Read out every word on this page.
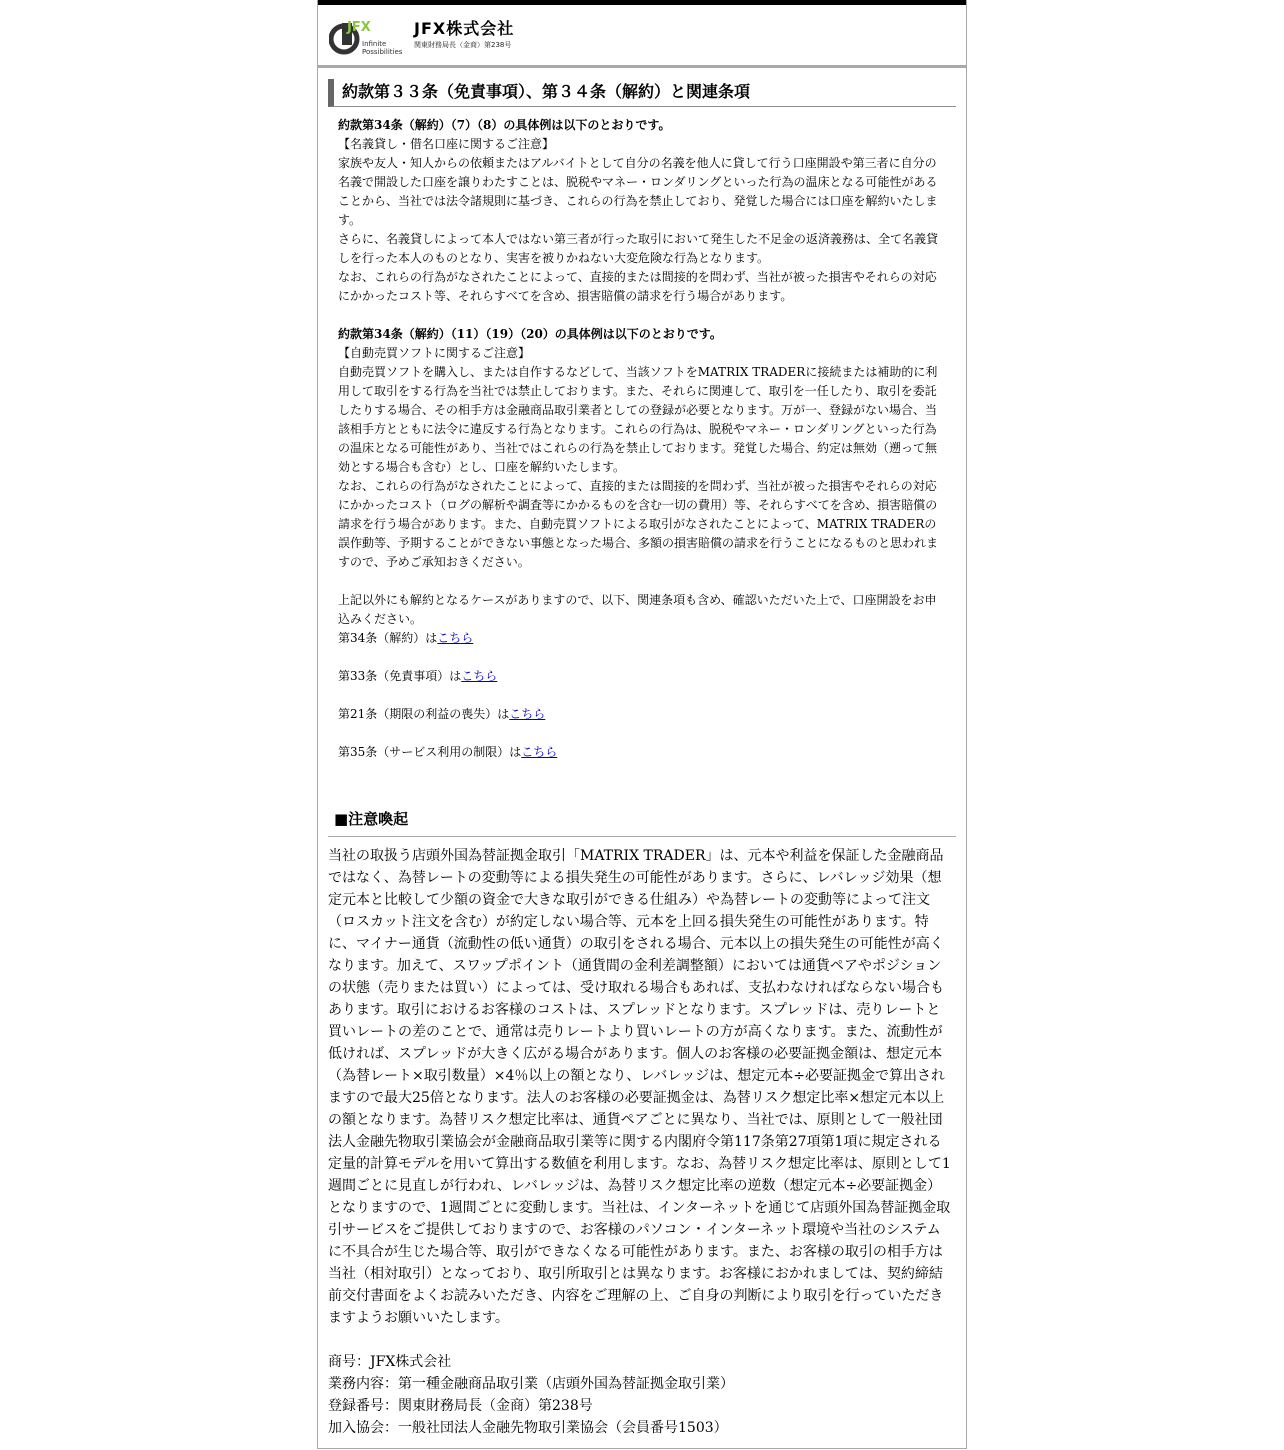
JFX
Infinite
Possibilities
JFX株式会社
関東財務局長（金商）第238号
約款第３３条（免責事項）、第３４条（解約）と関連条項

約款第34条（解約）（7）（8）の具体例は以下のとおりです。

【名義貸し・借名口座に関するご注意】

家族や友人・知人からの依頼またはアルバイトとして自分の名義を他人に貸して行う口座開設や第三者に自分の名義で開設した口座を譲りわたすことは、脱税やマネー・ロンダリングといった行為の温床となる可能性があることから、当社では法令諸規則に基づき、これらの行為を禁止しており、発覚した場合には口座を解約いたします。

さらに、名義貸しによって本人ではない第三者が行った取引において発生した不足金の返済義務は、全て名義貸しを行った本人のものとなり、実害を被りかねない大変危険な行為となります。

なお、これらの行為がなされたことによって、直接的または間接的を問わず、当社が被った損害やそれらの対応にかかったコスト等、それらすべてを含め、損害賠償の請求を行う場合があります。

約款第34条（解約）（11）（19）（20）の具体例は以下のとおりです。

【自動売買ソフトに関するご注意】

自動売買ソフトを購入し、または自作するなどして、当該ソフトをMATRIX TRADERに接続または補助的に利用して取引をする行為を当社では禁止しております。また、それらに関連して、取引を一任したり、取引を委託したりする場合、その相手方は金融商品取引業者としての登録が必要となります。万が一、登録がない場合、当該相手方とともに法令に違反する行為となります。これらの行為は、脱税やマネー・ロンダリングといった行為の温床となる可能性があり、当社ではこれらの行為を禁止しております。発覚した場合、約定は無効（遡って無効とする場合も含む）とし、口座を解約いたします。

なお、これらの行為がなされたことによって、直接的または間接的を問わず、当社が被った損害やそれらの対応にかかったコスト（ログの解析や調査等にかかるものを含む一切の費用）等、それらすべてを含め、損害賠償の請求を行う場合があります。また、自動売買ソフトによる取引がなされたことによって、MATRIX TRADERの誤作動等、予期することができない事態となった場合、多額の損害賠償の請求を行うことになるものと思われますので、予めご承知おきください。

上記以外にも解約となるケースがありますので、以下、関連条項も含め、確認いただいた上で、口座開設をお申込みください。

第34条（解約）はこちら

第33条（免責事項）はこちら

第21条（期限の利益の喪失）はこちら

第35条（サービス利用の制限）はこちら

■注意喚起

当社の取扱う店頭外国為替証拠金取引「MATRIX TRADER」は、元本や利益を保証した金融商品ではなく、為替レートの変動等による損失発生の可能性があります。さらに、レバレッジ効果（想定元本と比較して少額の資金で大きな取引ができる仕組み）や為替レートの変動等によって注文（ロスカット注文を含む）が約定しない場合等、元本を上回る損失発生の可能性があります。特に、マイナー通貨（流動性の低い通貨）の取引をされる場合、元本以上の損失発生の可能性が高くなります。加えて、スワップポイント（通貨間の金利差調整額）においては通貨ペアやポジションの状態（売りまたは買い）によっては、受け取れる場合もあれば、支払わなければならない場合もあります。取引におけるお客様のコストは、スプレッドとなります。スプレッドは、売りレートと買いレートの差のことで、通常は売りレートより買いレートの方が高くなります。また、流動性が低ければ、スプレッドが大きく広がる場合があります。個人のお客様の必要証拠金額は、想定元本（為替レート×取引数量）×4％以上の額となり、レバレッジは、想定元本÷必要証拠金で算出されますので最大25倍となります。法人のお客様の必要証拠金は、為替リスク想定比率×想定元本以上の額となります。為替リスク想定比率は、通貨ペアごとに異なり、当社では、原則として一般社団法人金融先物取引業協会が金融商品取引業等に関する内閣府令第117条第27項第1項に規定される定量的計算モデルを用いて算出する数値を利用します。なお、為替リスク想定比率は、原則として1週間ごとに見直しが行われ、レバレッジは、為替リスク想定比率の逆数（想定元本÷必要証拠金）となりますので、1週間ごとに変動します。当社は、インターネットを通じて店頭外国為替証拠金取引サービスをご提供しておりますので、お客様のパソコン・インターネット環境や当社のシステムに不具合が生じた場合等、取引ができなくなる可能性があります。また、お客様の取引の相手方は当社（相対取引）となっており、取引所取引とは異なります。お客様におかれましては、契約締結前交付書面をよくお読みいただき、内容をご理解の上、ご自身の判断により取引を行っていただきますようお願いいたします。

商号：JFX株式会社

業務内容：第一種金融商品取引業（店頭外国為替証拠金取引業）

登録番号：関東財務局長（金商）第238号

加入協会：一般社団法人金融先物取引業協会（会員番号1503）
